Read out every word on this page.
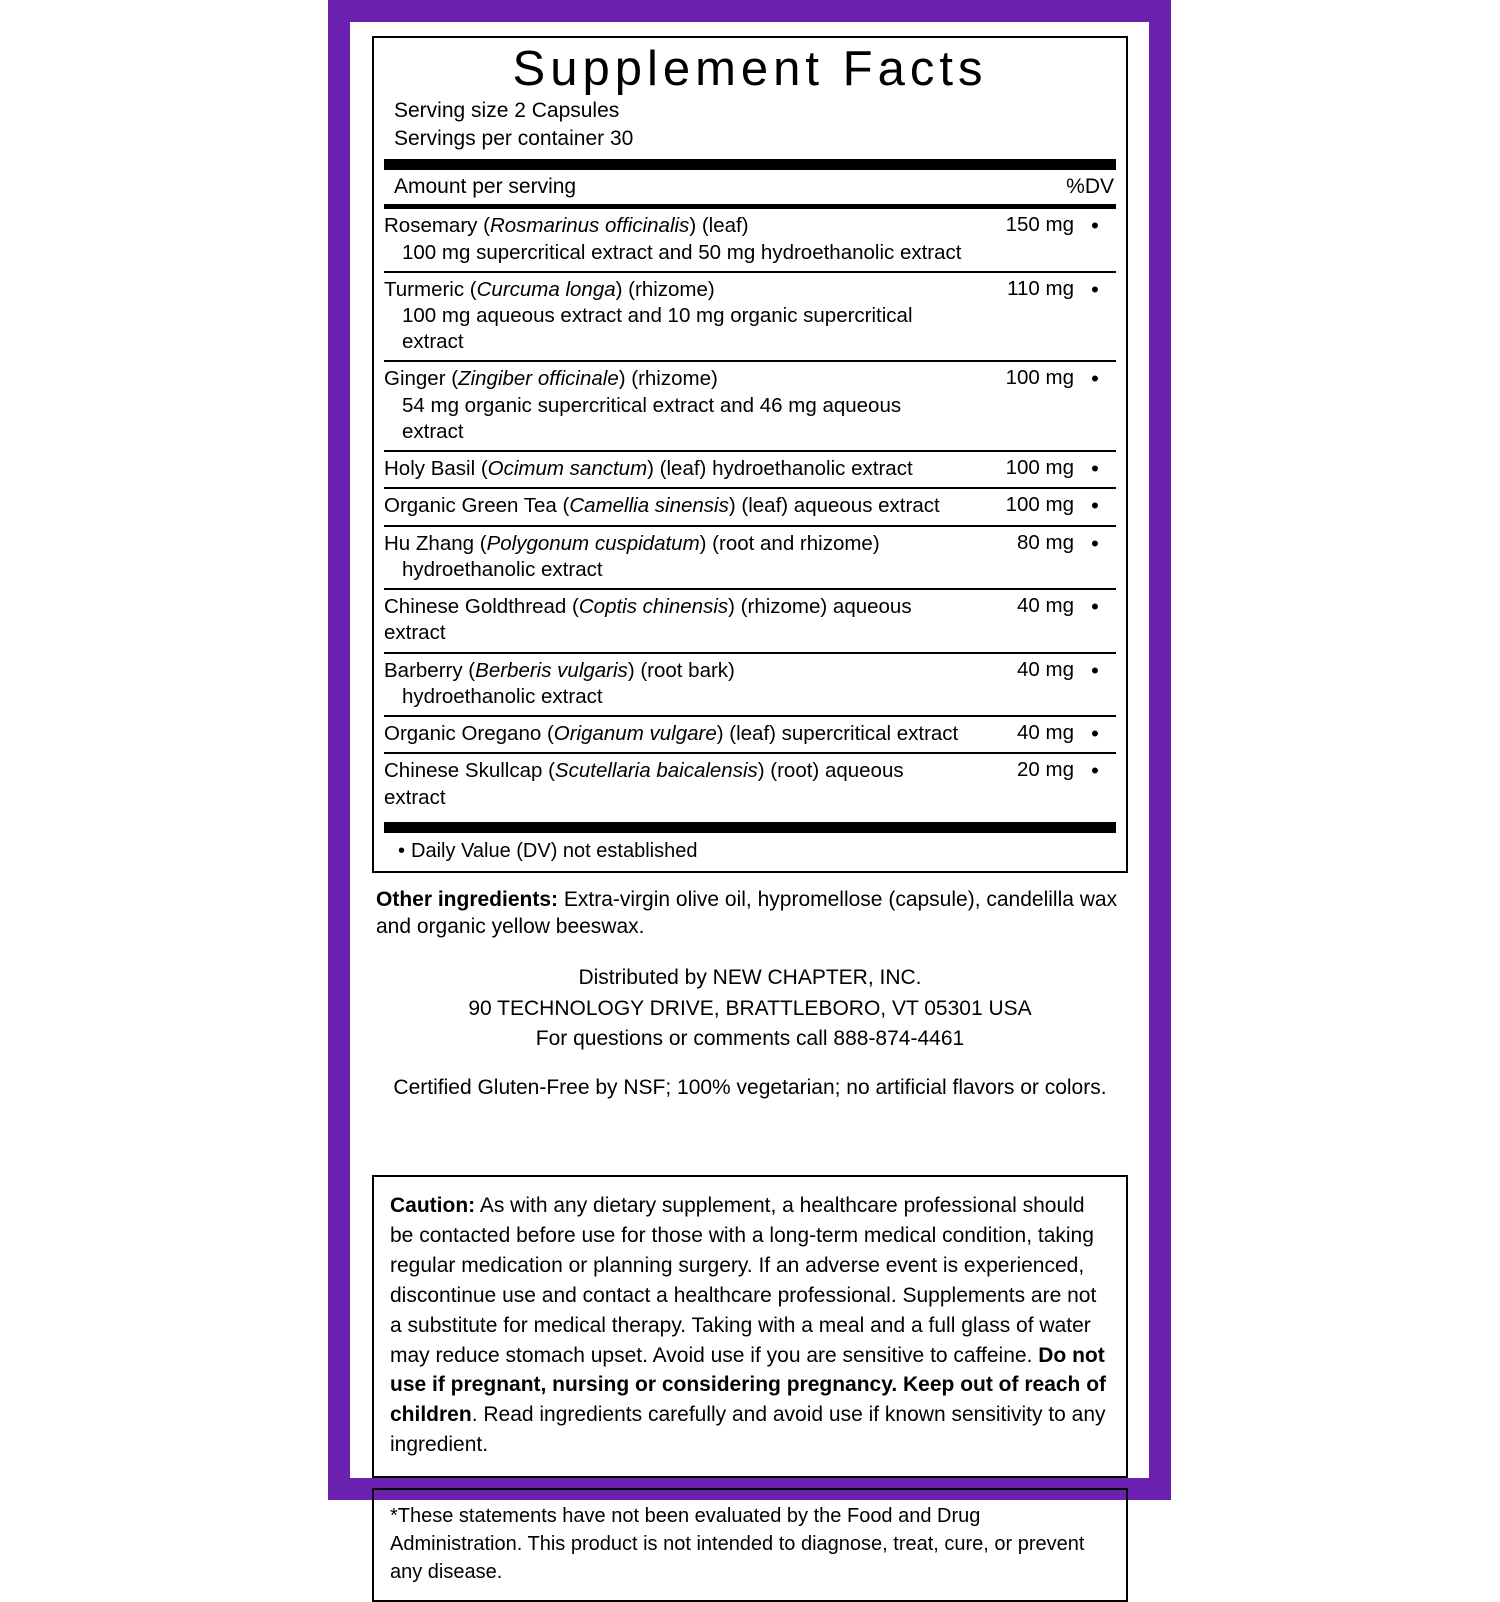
Supplement Facts
Serving size 2 Capsules
Servings per container 30
Amount per serving	%DV
Rosemary (Rosmarinus officinalis) (leaf)
100 mg supercritical extract and 50 mg hydroethanolic extract	150 mg	•
Turmeric (Curcuma longa) (rhizome)
100 mg aqueous extract and 10 mg organic supercritical extract	110 mg	•
Ginger (Zingiber officinale) (rhizome)
54 mg organic supercritical extract and 46 mg aqueous extract	100 mg	•
Holy Basil (Ocimum sanctum) (leaf) hydroethanolic extract	100 mg	•
Organic Green Tea (Camellia sinensis) (leaf) aqueous extract	100 mg	•
Hu Zhang (Polygonum cuspidatum) (root and rhizome)
hydroethanolic extract	80 mg	•
Chinese Goldthread (Coptis chinensis) (rhizome) aqueous extract	40 mg	•
Barberry (Berberis vulgaris) (root bark)
hydroethanolic extract	40 mg	•
Organic Oregano (Origanum vulgare) (leaf) supercritical extract	40 mg	•
Chinese Skullcap (Scutellaria baicalensis) (root) aqueous extract	20 mg	•
• Daily Value (DV) not established
Other ingredients: Extra-virgin olive oil, hypromellose (capsule), candelilla wax and organic yellow beeswax.
Distributed by NEW CHAPTER, INC.
90 TECHNOLOGY DRIVE, BRATTLEBORO, VT 05301 USA
For questions or comments call 888-874-4461
Certified Gluten-Free by NSF; 100% vegetarian; no artificial flavors or colors.
Caution: As with any dietary supplement, a healthcare professional should be contacted before use for those with a long-term medical condition, taking regular medication or planning surgery. If an adverse event is experienced, discontinue use and contact a healthcare professional. Supplements are not a substitute for medical therapy. Taking with a meal and a full glass of water may reduce stomach upset. Avoid use if you are sensitive to caffeine. Do not use if pregnant, nursing or considering pregnancy. Keep out of reach of children. Read ingredients carefully and avoid use if known sensitivity to any ingredient.
*These statements have not been evaluated by the Food and Drug Administration. This product is not intended to diagnose, treat, cure, or prevent any disease.
